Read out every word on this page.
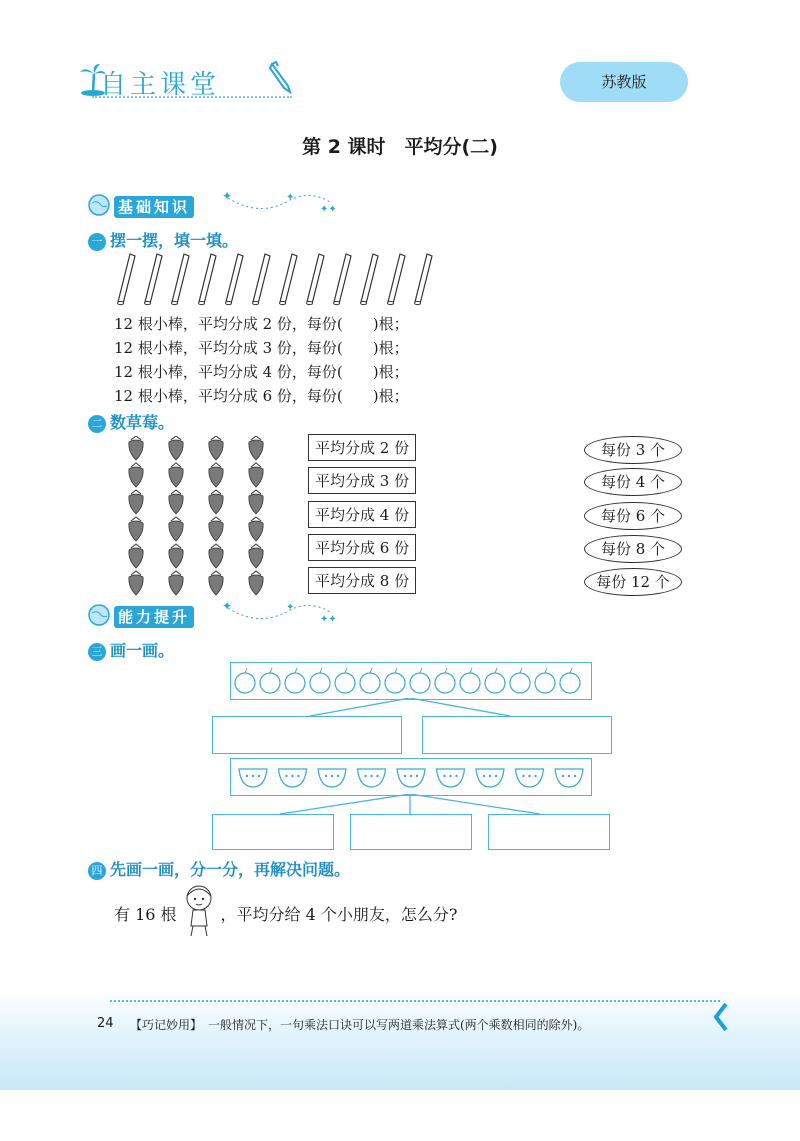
自主课堂	苏教版
第 2 课时　平均分(二)
基础知识
✦	✦
✦✦
一 摆一摆，填一填。
12 根小棒，平均分成 2 份，每份(　　)根；
12 根小棒，平均分成 3 份，每份(　　)根；
12 根小棒，平均分成 4 份，每份(　　)根；
12 根小棒，平均分成 6 份，每份(　　)根；
二 数草莓。
平均分成 2 份
平均分成 3 份
平均分成 4 份
平均分成 6 份
平均分成 8 份
每份 3 个
每份 4 个
每份 6 个
每份 8 个
每份 12 个
能力提升
✦	✦
✦✦
三 画一画。
四 先画一画，分一分，再解决问题。
有 16 根	，平均分给 4 个小朋友，怎么分?
24 【巧记妙用】　一般情况下，一句乘法口诀可以写两道乘法算式(两个乘数相同的除外)。
